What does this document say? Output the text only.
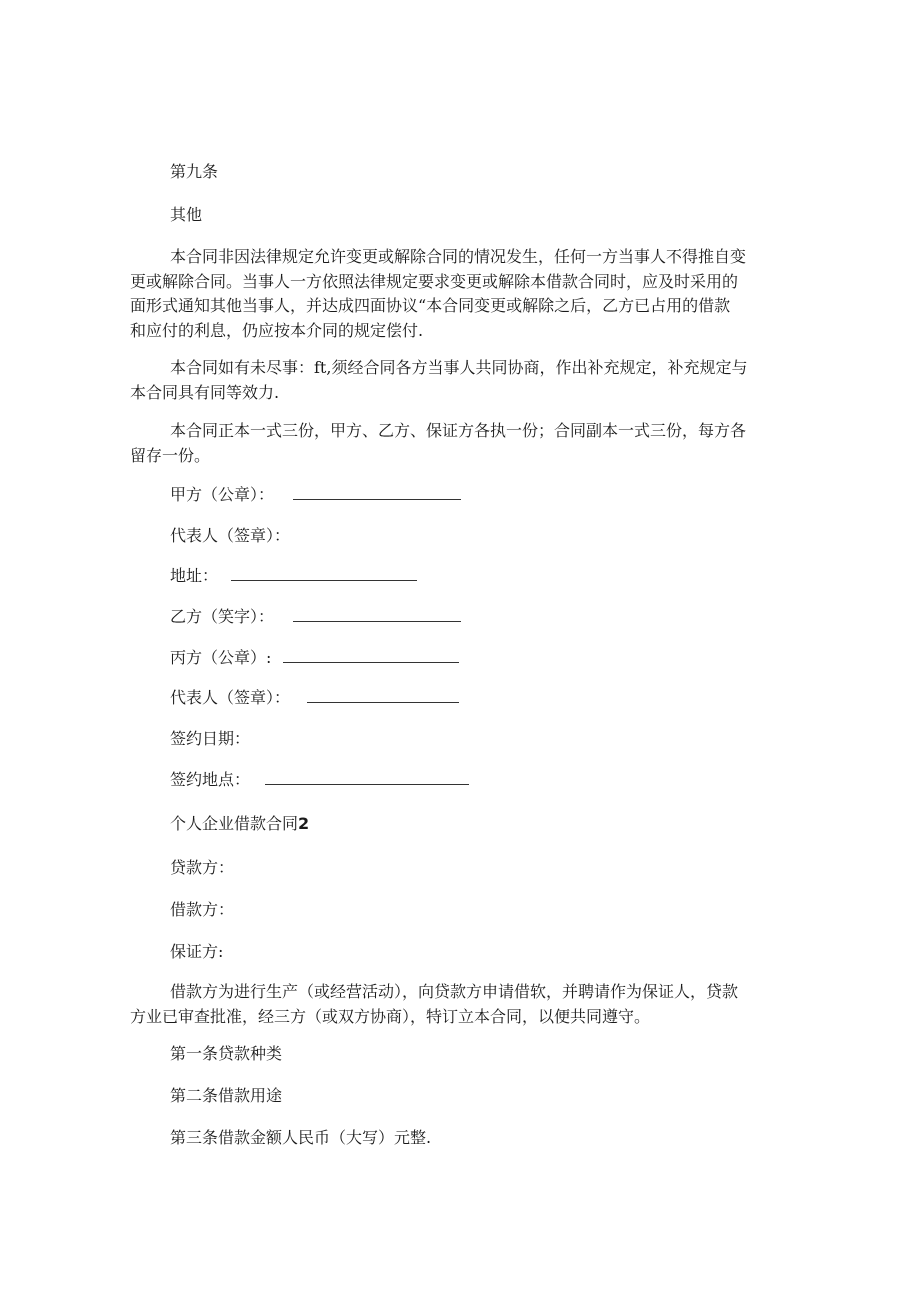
第九条
其他
本合同非因法律规定允许变更或解除合同的情况发生，任何一方当事人不得推自变
更或解除合同。当事人一方依照法律规定要求变更或解除本借款合同时，应及时采用的
面形式通知其他当事人，并达成四面协议“本合同变更或解除之后，乙方已占用的借款
和应付的利息，仍应按本介同的规定偿付.
本合同如有未尽事：ft,须经合同各方当事人共同协商，作出补充规定，补充规定与
本合同具有同等效力.
本合同正本一式三份，甲方、乙方、保证方各执一份；合同副本一式三份，每方各
留存一份。
甲方（公章）：
代表人（签章）：
地址：
乙方（笑字）：
丙方（公章）:
代表人（签章）：
签约日期：
签约地点：
个人企业借款合同2
贷款方：
借款方：
保证方:
借款方为进行生产（或经营活动），向贷款方申请借软，并聘请作为保证人，贷款
方业已审查批准，经三方（或双方协商），特订立本合同，以便共同遵守。
第一条贷款种类
第二条借款用途
第三条借款金额人民币（大写）元整.
